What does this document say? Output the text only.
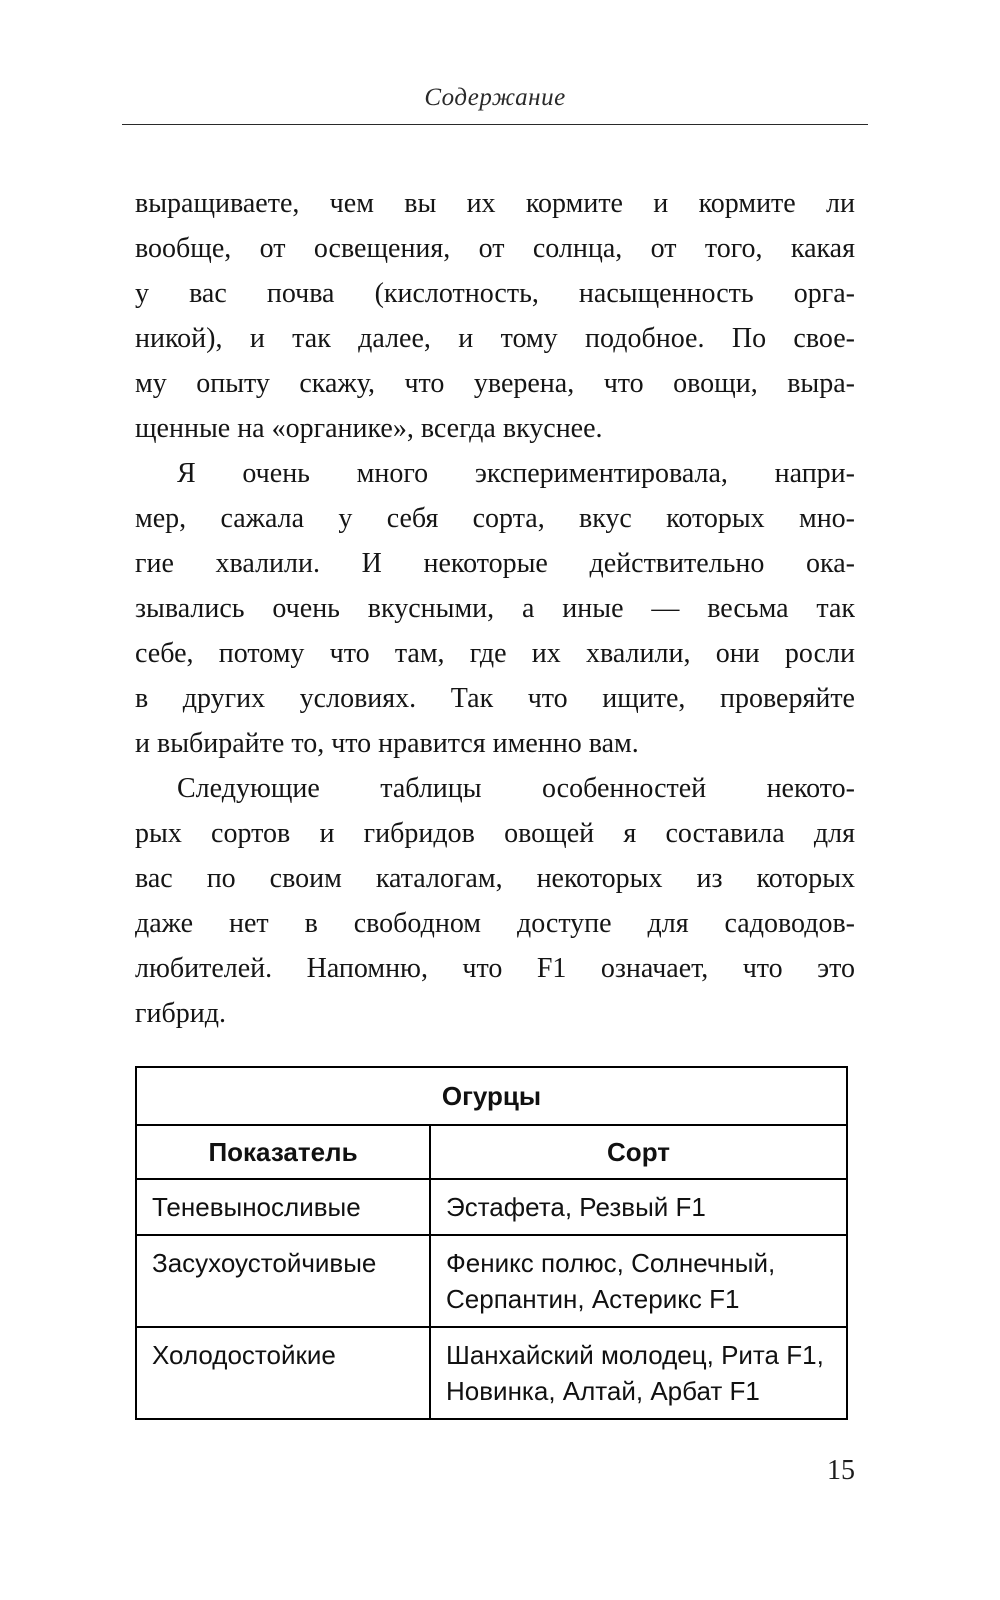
Содержание
выращиваете, чем вы их кормите и кормите ли
вообще, от освещения, от солнца, от того, какая
у вас почва (кислотность, насыщенность орга-
никой), и так далее, и тому подобное. По свое-
му опыту скажу, что уверена, что овощи, выра-
щенные на «органике», всегда вкуснее.
Я очень много экспериментировала, напри-
мер, сажала у себя сорта, вкус которых мно-
гие хвалили. И некоторые действительно ока-
зывались очень вкусными, а иные — весьма так
себе, потому что там, где их хвалили, они росли
в других условиях. Так что ищите, проверяйте
и выбирайте то, что нравится именно вам.
Следующие таблицы особенностей некото-
рых сортов и гибридов овощей я составила для
вас по своим каталогам, некоторых из которых
даже нет в свободном доступе для садоводов-
любителей. Напомню, что F1 означает, что это
гибрид.
Огурцы	
Показатель	Сорт
Теневыносливые	Эстафета, Резвый F1
Засухоустойчивые	Феникс полюс, Солнечный, Серпантин, Астерикс F1
Холодостойкие	Шанхайский молодец, Рита F1, Новинка, Алтай, Арбат F1
15
